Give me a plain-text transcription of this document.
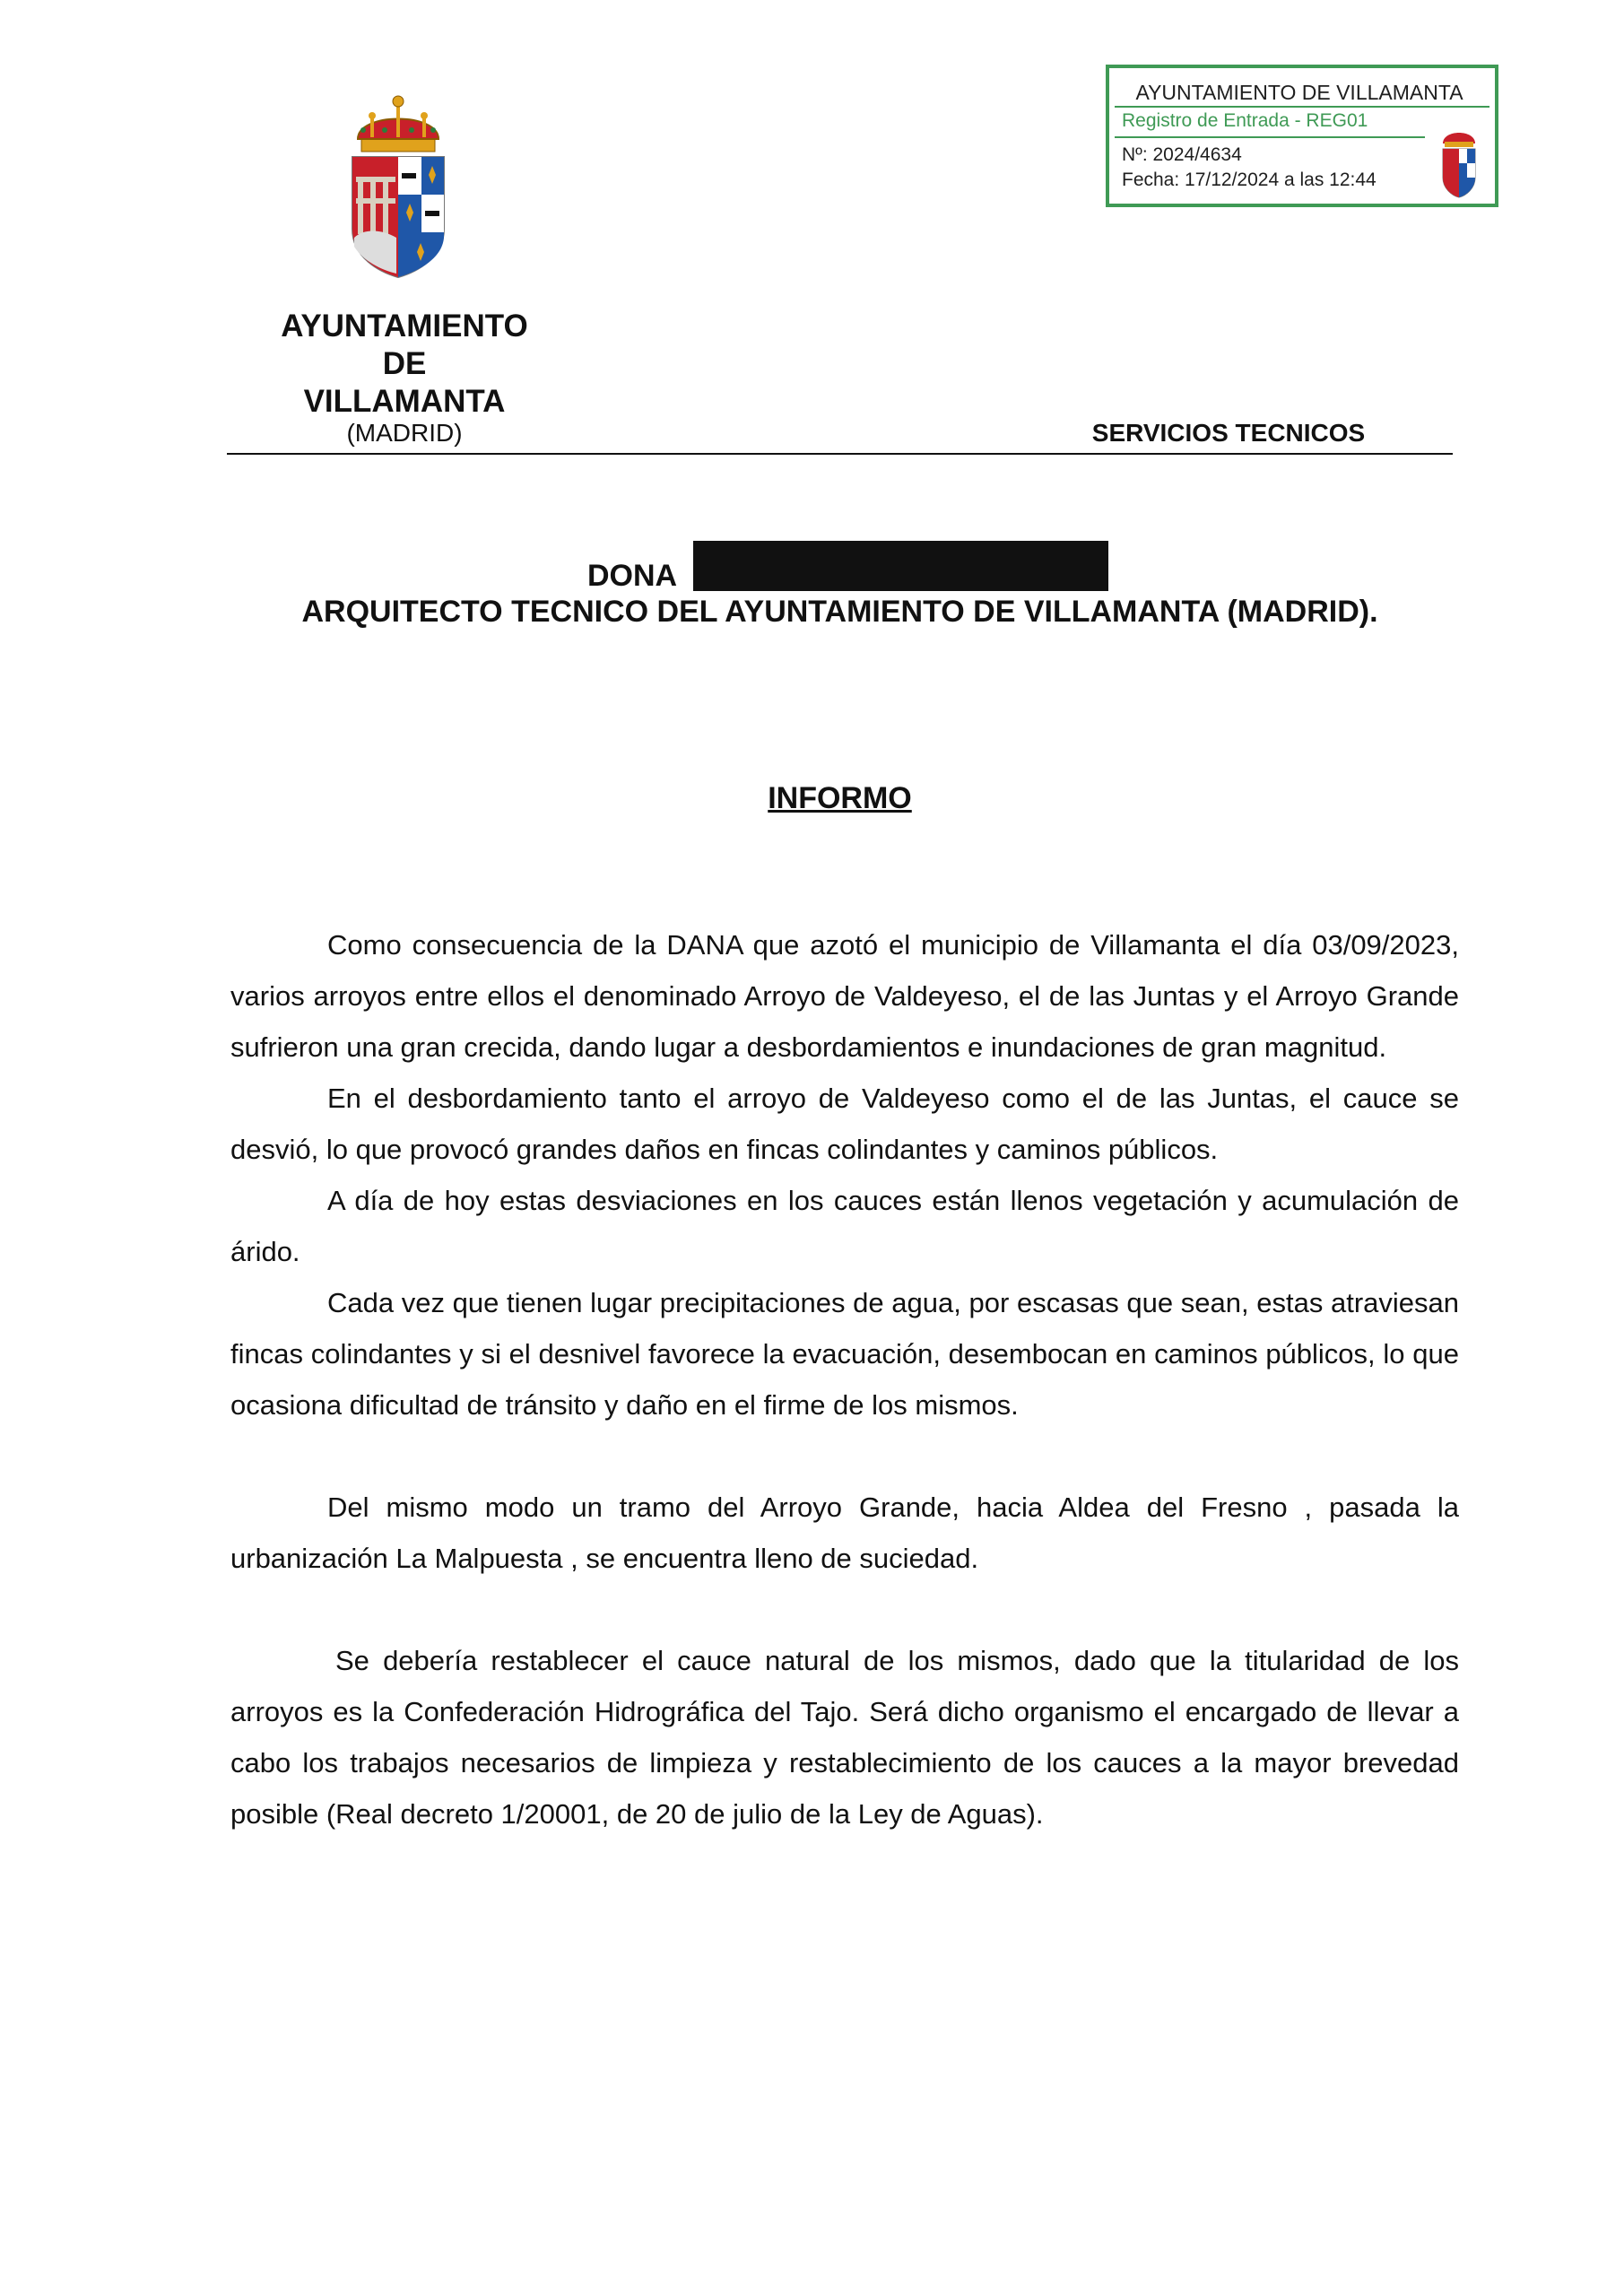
AYUNTAMIENTO
DE
VILLAMANTA
(MADRID)	SERVICIOS TECNICOS
AYUNTAMIENTO DE VILLAMANTA
Registro de Entrada - REG01
Nº: 2024/4634
Fecha: 17/12/2024 a las 12:44
DONA
ARQUITECTO TECNICO DEL AYUNTAMIENTO DE VILLAMANTA (MADRID).
INFORMO

Como consecuencia de la DANA que azotó el municipio de Villamanta el día 03/09/2023, varios arroyos entre ellos el denominado Arroyo de Valdeyeso, el de las Juntas y el Arroyo Grande sufrieron una gran crecida, dando lugar a desbordamientos e inundaciones de gran magnitud.

En el desbordamiento tanto el arroyo de Valdeyeso como el de las Juntas, el cauce se desvió, lo que provocó grandes daños en fincas colindantes y caminos públicos.

A día de hoy estas desviaciones en los cauces están llenos vegetación y acumulación de árido.

Cada vez que tienen lugar precipitaciones de agua, por escasas que sean, estas atraviesan fincas colindantes y si el desnivel favorece la evacuación, desembocan en caminos públicos, lo que ocasiona dificultad de tránsito y daño en el firme de los mismos.

Del mismo modo un tramo del Arroyo Grande, hacia Aldea del Fresno , pasada la urbanización La Malpuesta , se encuentra lleno de suciedad.

Se debería restablecer el cauce natural de los mismos, dado que la titularidad de los arroyos es la Confederación Hidrográfica del Tajo. Será dicho organismo el encargado de llevar a cabo los trabajos necesarios de limpieza y restablecimiento de los cauces a la mayor brevedad posible (Real decreto 1/20001, de 20 de julio de la Ley de Aguas).
